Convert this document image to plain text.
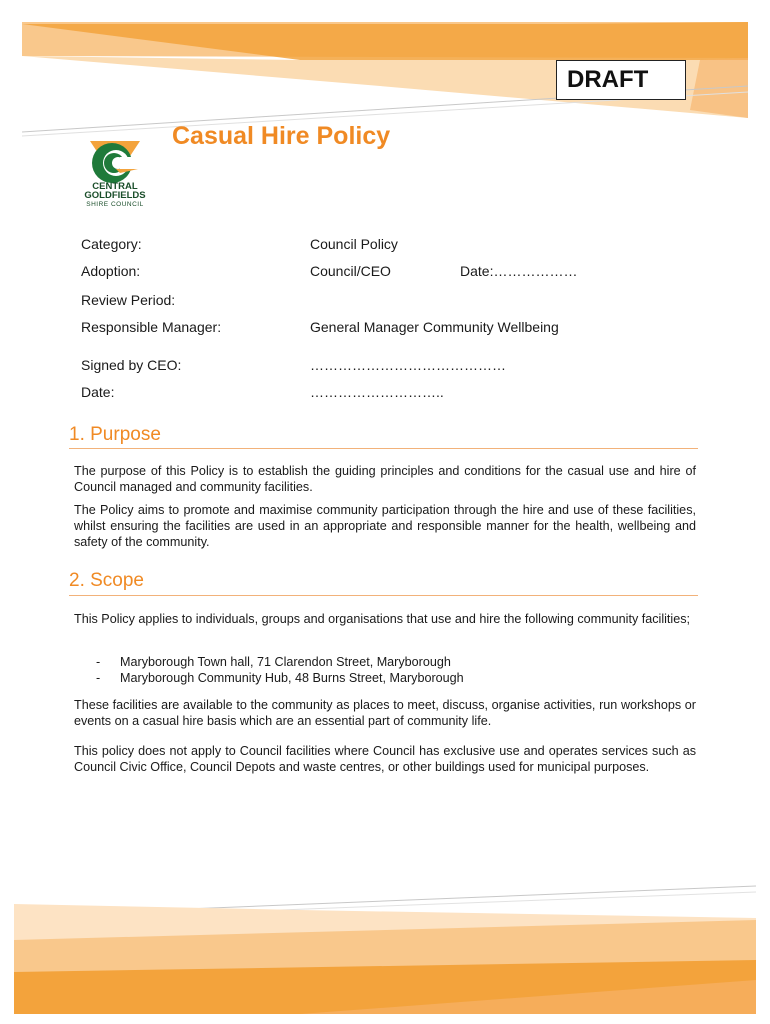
DRAFT
CENTRAL
GOLDFIELDS
SHIRE COUNCIL
Casual Hire Policy
Category:	Council Policy
Adoption:	Council/CEO	Date:………………
Review Period:
Responsible Manager:	General Manager Community Wellbeing
Signed by CEO:	……………………………………
Date:	………………………..
1. Purpose
The purpose of this Policy is to establish the guiding principles and conditions for the casual use and hire of Council managed and community facilities.
The Policy aims to promote and maximise community participation through the hire and use of these facilities, whilst ensuring the facilities are used in an appropriate and responsible manner for the health, wellbeing and safety of the community.
2. Scope
This Policy applies to individuals, groups and organisations that use and hire the following community facilities;
- Maryborough Town hall, 71 Clarendon Street, Maryborough
- Maryborough Community Hub, 48 Burns Street, Maryborough
These facilities are available to the community as places to meet, discuss, organise activities, run workshops or events on a casual hire basis which are an essential part of community life.
This policy does not apply to Council facilities where Council has exclusive use and operates services such as Council Civic Office, Council Depots and waste centres, or other buildings used for municipal purposes.
